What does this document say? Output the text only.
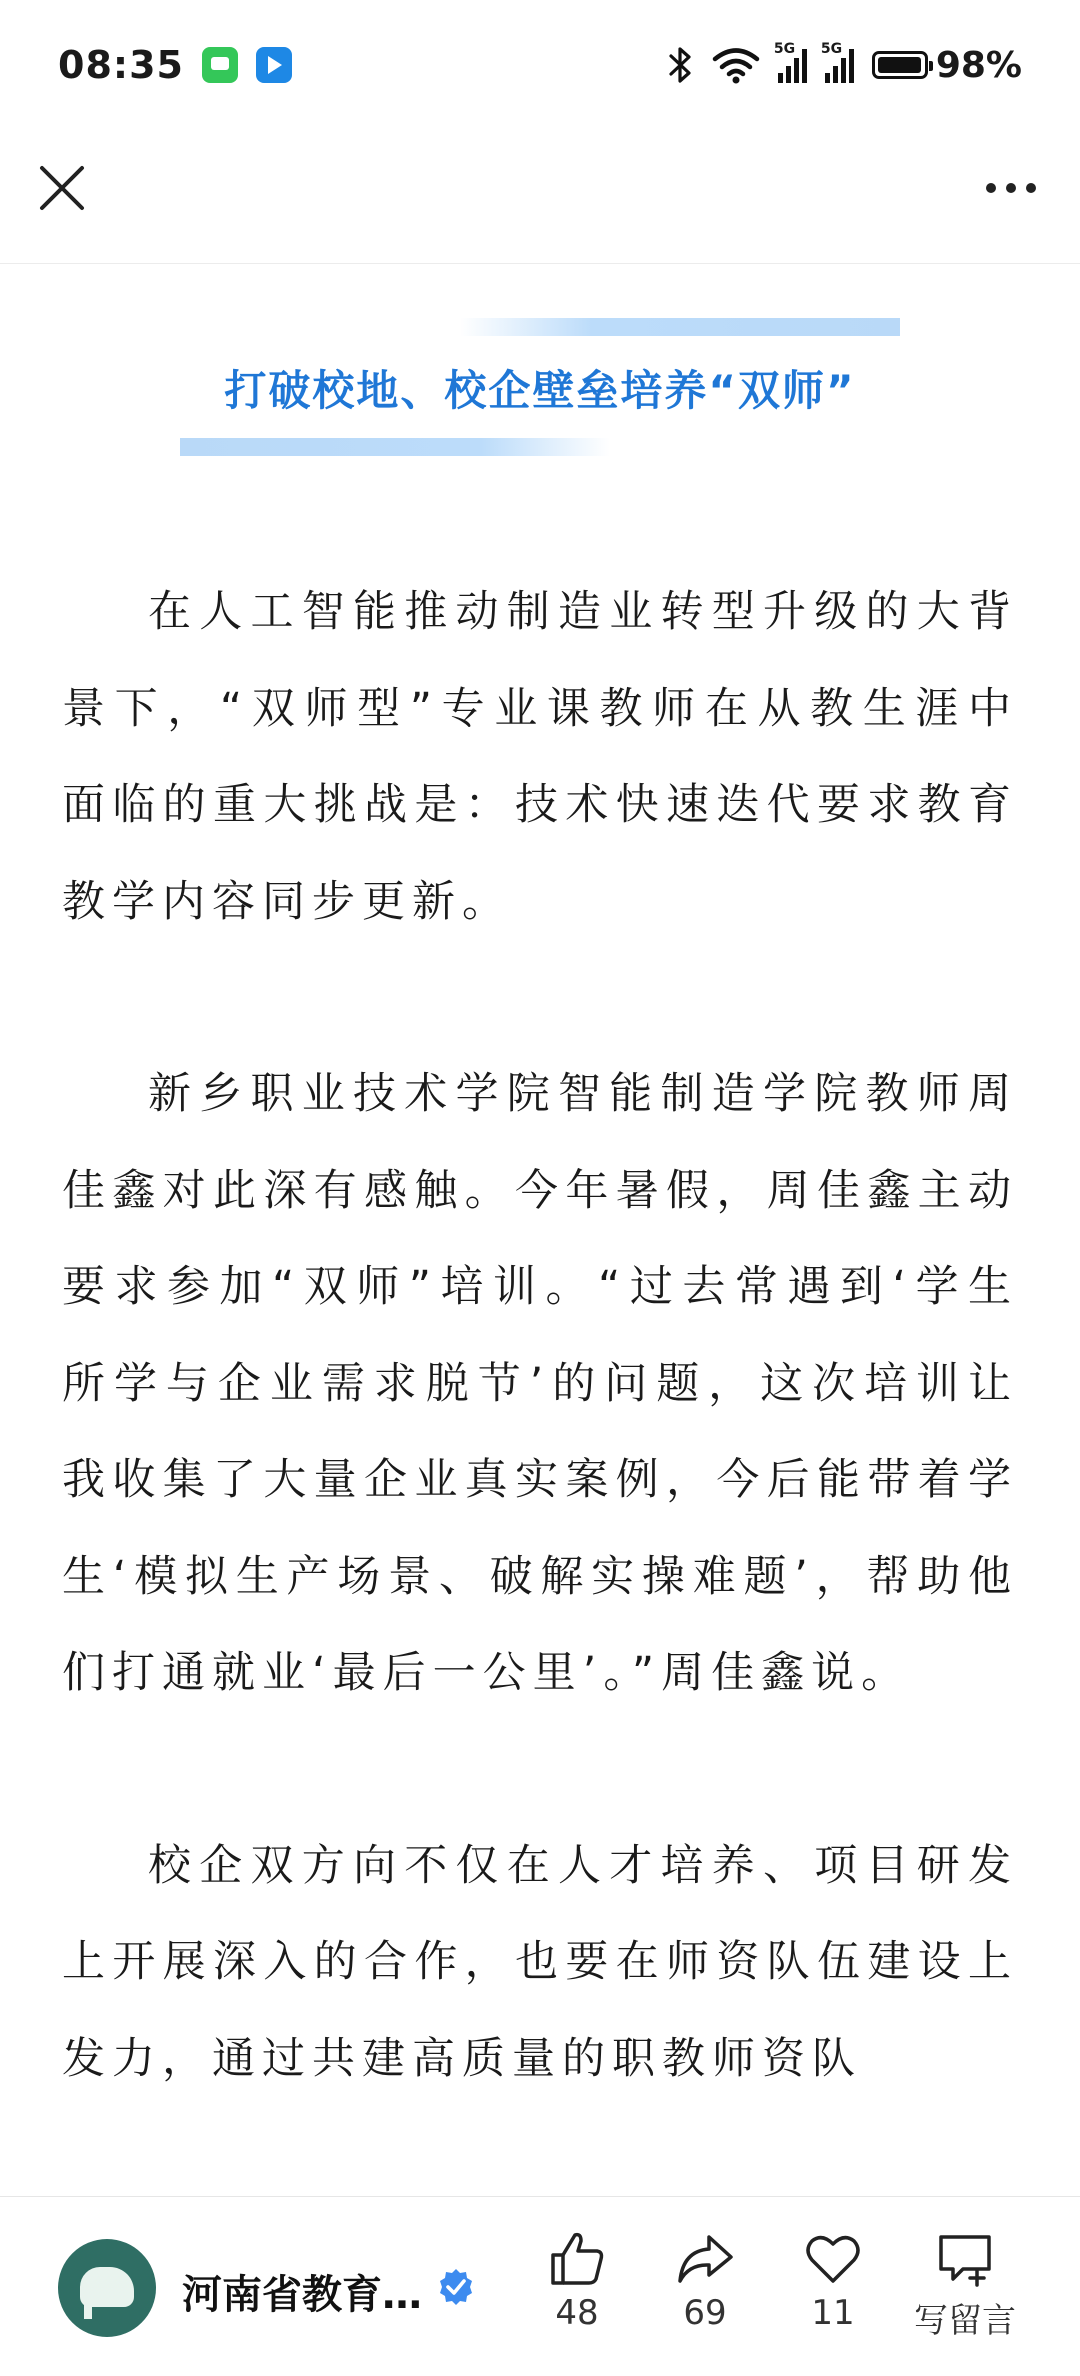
08:35	5G 5G	98%
打破校地、校企壁垒培养“双师”

在人工智能推动制造业转型升级的大背景下，“双师型”专业课教师在从教生涯中面临的重大挑战是：技术快速迭代要求教育教学内容同步更新。

新乡职业技术学院智能制造学院教师周佳鑫对此深有感触。今年暑假，周佳鑫主动要求参加“双师”培训。“过去常遇到‘学生所学与企业需求脱节’的问题，这次培训让我收集了大量企业真实案例，今后能带着学生‘模拟生产场景、破解实操难题’，帮助他们打通就业‘最后一公里’。”周佳鑫说。

校企双方向不仅在人才培养、项目研发上开展深入的合作，也要在师资队伍建设上发力，通过共建高质量的职教师资队

河南省教育…	48	69	11	写留言
